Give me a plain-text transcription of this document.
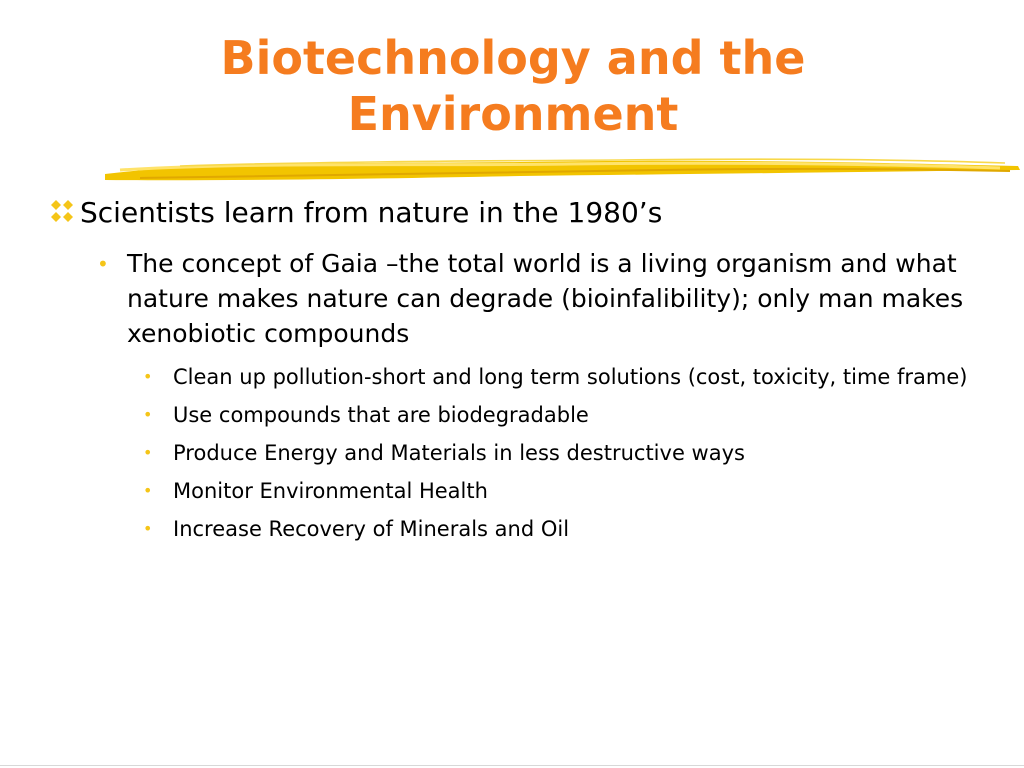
Biotechnology and the
Environment
Scientists learn from nature in the 1980’s
• The concept of Gaia –the total world is a living organism and what nature makes nature can degrade (bioinfalibility); only man makes xenobiotic compounds
• Clean up pollution-short and long term solutions (cost, toxicity, time frame)
• Use compounds that are biodegradable
• Produce Energy and Materials in less destructive ways
• Monitor Environmental Health
• Increase Recovery of Minerals and Oil
